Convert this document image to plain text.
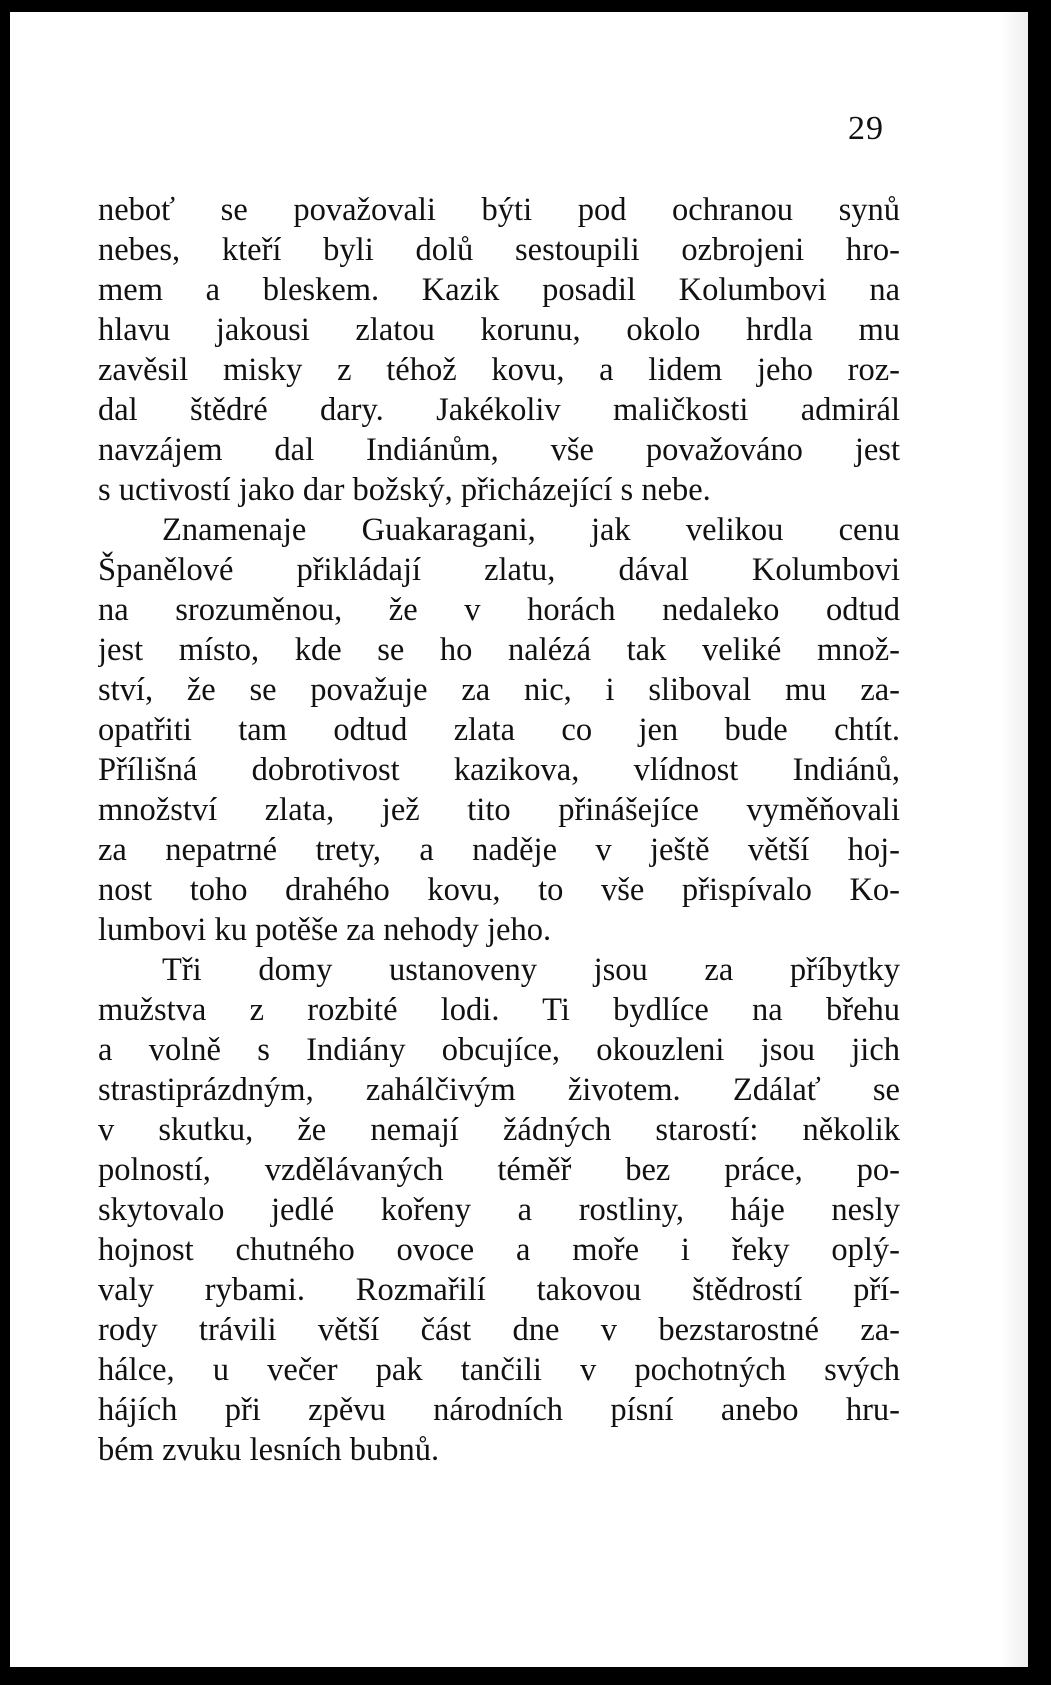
29
neboť se považovali býti pod ochranou synů
nebes, kteří byli dolů sestoupili ozbrojeni hro-
mem a bleskem. Kazik posadil Kolumbovi na
hlavu jakousi zlatou korunu, okolo hrdla mu
zavěsil misky z téhož kovu, a lidem jeho roz-
dal štědré dary. Jakékoliv maličkosti admirál
navzájem dal Indiánům, vše považováno jest
s uctivostí jako dar božský, přicházející s nebe.
Znamenaje Guakaragani, jak velikou cenu
Španělové přikládají zlatu, dával Kolumbovi
na srozuměnou, že v horách nedaleko odtud
jest místo, kde se ho nalézá tak veliké množ-
ství, že se považuje za nic, i sliboval mu za-
opatřiti tam odtud zlata co jen bude chtít.
Přílišná dobrotivost kazikova, vlídnost Indiánů,
množství zlata, jež tito přinášejíce vyměňovali
za nepatrné trety, a naděje v ještě větší hoj-
nost toho drahého kovu, to vše přispívalo Ko-
lumbovi ku potěše za nehody jeho.
Tři domy ustanoveny jsou za příbytky
mužstva z rozbité lodi. Ti bydlíce na břehu
a volně s Indiány obcujíce, okouzleni jsou jich
strastiprázdným, zahálčivým životem. Zdálať se
v skutku, že nemají žádných starostí: několik
polností, vzdělávaných téměř bez práce, po-
skytovalo jedlé kořeny a rostliny, háje nesly
hojnost chutného ovoce a moře i řeky oplý-
valy rybami. Rozmařilí takovou štědrostí pří-
rody trávili větší část dne v bezstarostné za-
hálce, u večer pak tančili v pochotných svých
hájích při zpěvu národních písní anebo hru-
bém zvuku lesních bubnů.
